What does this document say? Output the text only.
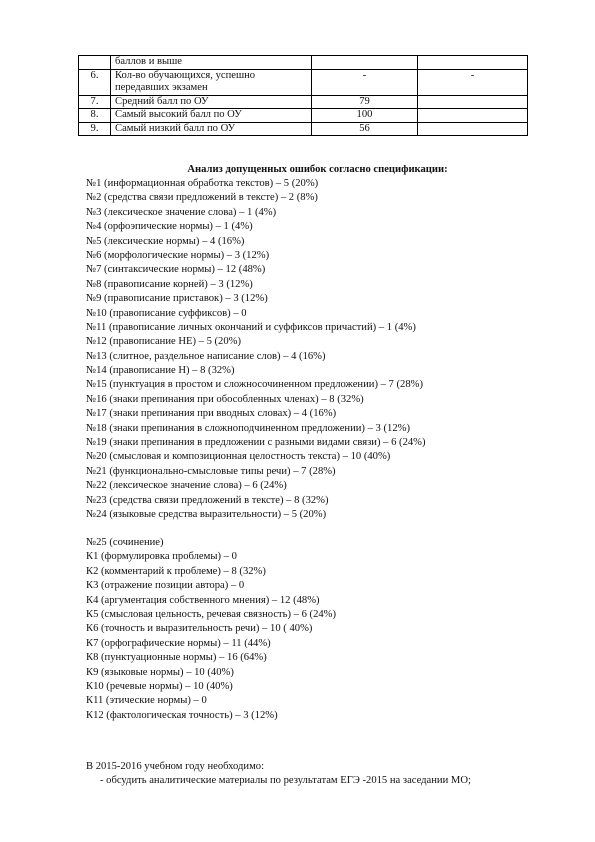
	баллов и выше		
6.	Кол-во обучающихся, успешно передавших экзамен	-	-
7.	Средний балл по ОУ	79	
8.	Самый высокий балл по ОУ	100	
9.	Самый низкий балл по ОУ	56	
Анализ допущенных ошибок согласно спецификации:
№1 (информационная обработка текстов) – 5 (20%)
№2 (средства связи предложений в тексте) – 2 (8%)
№3 (лексическое значение слова) – 1 (4%)
№4 (орфоэпические нормы) – 1 (4%)
№5 (лексические нормы) – 4 (16%)
№6 (морфологические нормы) – 3 (12%)
№7 (синтаксические нормы) – 12 (48%)
№8 (правописание корней) – 3 (12%)
№9 (правописание приставок) – 3 (12%)
№10 (правописание суффиксов) – 0
№11 (правописание личных окончаний и суффиксов причастий) – 1 (4%)
№12 (правописание НЕ) – 5 (20%)
№13 (слитное, раздельное написание слов) – 4 (16%)
№14 (правописание Н) – 8 (32%)
№15 (пунктуация в простом и сложносочиненном предложении) – 7 (28%)
№16 (знаки препинания при обособленных членах) – 8 (32%)
№17 (знаки препинания при вводных словах) – 4 (16%)
№18 (знаки препинания в сложноподчиненном предложении) – 3 (12%)
№19 (знаки препинания в предложении с разными видами связи) – 6 (24%)
№20 (смысловая и композиционная целостность текста) – 10 (40%)
№21 (функционально-смысловые типы речи) – 7 (28%)
№22 (лексическое значение слова) – 6 (24%)
№23 (средства связи предложений в тексте) – 8 (32%)
№24 (языковые средства выразительности) – 5 (20%)
№25 (сочинение)
К1 (формулировка проблемы) – 0
К2 (комментарий к проблеме) – 8 (32%)
К3 (отражение позиции автора) – 0
К4 (аргументация собственного мнения) – 12 (48%)
К5 (смысловая цельность, речевая связность) – 6 (24%)
К6 (точность и выразительность речи) – 10 ( 40%)
К7 (орфографические нормы) – 11 (44%)
К8 (пунктуационные нормы) – 16 (64%)
К9 (языковые нормы) – 10 (40%)
К10 (речевые нормы) – 10 (40%)
К11 (этические нормы) – 0
К12 (фактологическая точность) – 3 (12%)
В 2015-2016 учебном году необходимо:
- обсудить аналитические материалы по результатам ЕГЭ -2015 на заседании МО;
